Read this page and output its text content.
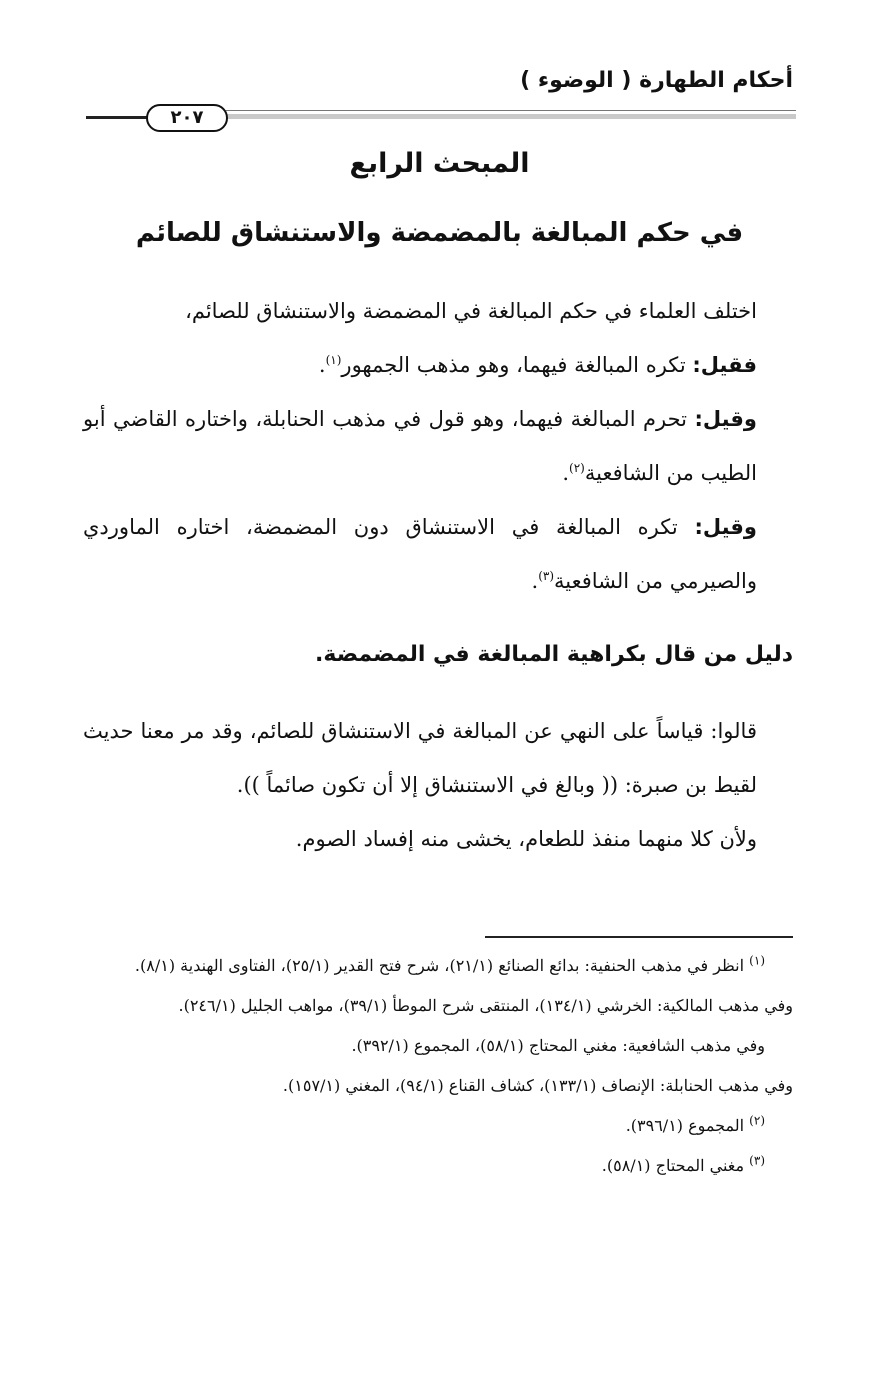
أحكام الطهارة ( الوضوء )
٢٠٧
المبحث الرابع
في حكم المبالغة بالمضمضة والاستنشاق للصائم
اختلف العلماء في حكم المبالغة في المضمضة والاستنشاق للصائم،
فقيل: تكره المبالغة فيهما، وهو مذهب الجمهور$^{(١)}$.
وقيل: تحرم المبالغة فيهما، وهو قول في مذهب الحنابلة، واختاره القاضي أبو الطيب من الشافعية$^{(٢)}$.
وقيل: تكره المبالغة في الاستنشاق دون المضمضة، اختاره الماوردي والصيرمي من الشافعية$^{(٣)}$.
دليل من قال بكراهية المبالغة في المضمضة.
قالوا: قياساً على النهي عن المبالغة في الاستنشاق للصائم، وقد مر معنا حديث لقيط بن صبرة: (( وبالغ في الاستنشاق إلا أن تكون صائماً )).
ولأن كلا منهما منفذ للطعام، يخشى منه إفساد الصوم.
$^{(١)}$ انظر في مذهب الحنفية: بدائع الصنائع (٢١/١)، شرح فتح القدير (٢٥/١)، الفتاوى الهندية (٨/١).
وفي مذهب المالكية: الخرشي (١٣٤/١)، المنتقى شرح الموطأ (٣٩/١)، مواهب الجليل (٢٤٦/١).
وفي مذهب الشافعية: مغني المحتاج (٥٨/١)، المجموع (٣٩٢/١).
وفي مذهب الحنابلة: الإنصاف (١٣٣/١)، كشاف القناع (٩٤/١)، المغني (١٥٧/١).
$^{(٢)}$ المجموع (٣٩٦/١).
$^{(٣)}$ مغني المحتاج (٥٨/١).
